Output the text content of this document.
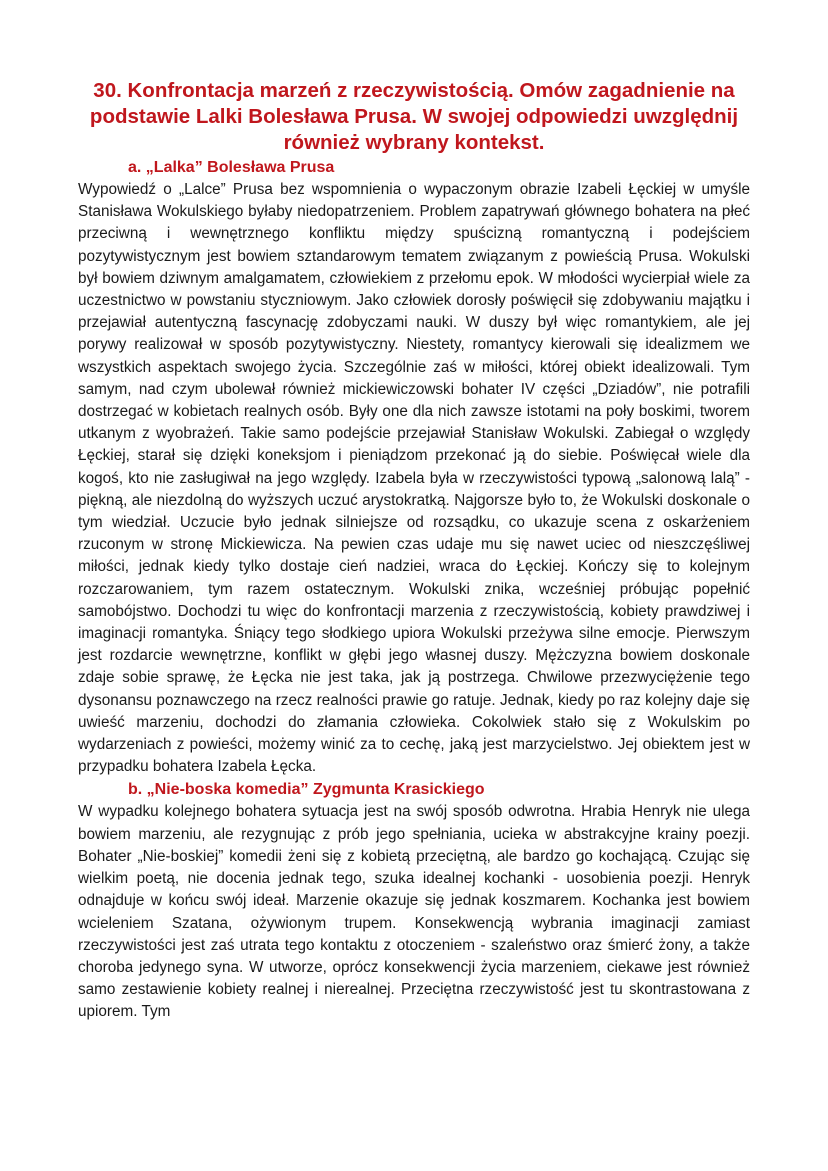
30. Konfrontacja marzeń z rzeczywistością. Omów zagadnienie na podstawie Lalki Bolesława Prusa. W swojej odpowiedzi uwzględnij również wybrany kontekst.
a. „Lalka” Bolesława Prusa

Wypowiedź o „Lalce” Prusa bez wspomnienia o wypaczonym obrazie Izabeli Łęckiej w umyśle Stanisława Wokulskiego byłaby niedopatrzeniem. Problem zapatrywań głównego bohatera na płeć przeciwną i wewnętrznego konfliktu między spuścizną romantyczną i podejściem pozytywistycznym jest bowiem sztandarowym tematem związanym z powieścią Prusa. Wokulski był bowiem dziwnym amalgamatem, człowiekiem z przełomu epok. W młodości wycierpiał wiele za uczestnictwo w powstaniu styczniowym. Jako człowiek dorosły poświęcił się zdobywaniu majątku i przejawiał autentyczną fascynację zdobyczami nauki. W duszy był więc romantykiem, ale jej porywy realizował w sposób pozytywistyczny. Niestety, romantycy kierowali się idealizmem we wszystkich aspektach swojego życia. Szczególnie zaś w miłości, której obiekt idealizowali. Tym samym, nad czym ubolewał również mickiewiczowski bohater IV części „Dziadów”, nie potrafili dostrzegać w kobietach realnych osób. Były one dla nich zawsze istotami na poły boskimi, tworem utkanym z wyobrażeń. Takie samo podejście przejawiał Stanisław Wokulski. Zabiegał o względy Łęckiej, starał się dzięki koneksjom i pieniądzom przekonać ją do siebie. Poświęcał wiele dla kogoś, kto nie zasługiwał na jego względy. Izabela była w rzeczywistości typową „salonową lalą” - piękną, ale niezdolną do wyższych uczuć arystokratką. Najgorsze było to, że Wokulski doskonale o tym wiedział. Uczucie było jednak silniejsze od rozsądku, co ukazuje scena z oskarżeniem rzuconym w stronę Mickiewicza. Na pewien czas udaje mu się nawet uciec od nieszczęśliwej miłości, jednak kiedy tylko dostaje cień nadziei, wraca do Łęckiej. Kończy się to kolejnym rozczarowaniem, tym razem ostatecznym. Wokulski znika, wcześniej próbując popełnić samobójstwo. Dochodzi tu więc do konfrontacji marzenia z rzeczywistością, kobiety prawdziwej i imaginacji romantyka. Śniący tego słodkiego upiora Wokulski przeżywa silne emocje. Pierwszym jest rozdarcie wewnętrzne, konflikt w głębi jego własnej duszy. Mężczyzna bowiem doskonale zdaje sobie sprawę, że Łęcka nie jest taka, jak ją postrzega. Chwilowe przezwyciężenie tego dysonansu poznawczego na rzecz realności prawie go ratuje. Jednak, kiedy po raz kolejny daje się uwieść marzeniu, dochodzi do złamania człowieka. Cokolwiek stało się z Wokulskim po wydarzeniach z powieści, możemy winić za to cechę, jaką jest marzycielstwo. Jej obiektem jest w przypadku bohatera Izabela Łęcka.

b. „Nie-boska komedia” Zygmunta Krasickiego

W wypadku kolejnego bohatera sytuacja jest na swój sposób odwrotna. Hrabia Henryk nie ulega bowiem marzeniu, ale rezygnując z prób jego spełniania, ucieka w abstrakcyjne krainy poezji. Bohater „Nie-boskiej” komedii żeni się z kobietą przeciętną, ale bardzo go kochającą. Czując się wielkim poetą, nie docenia jednak tego, szuka idealnej kochanki - uosobienia poezji. Henryk odnajduje w końcu swój ideał. Marzenie okazuje się jednak koszmarem. Kochanka jest bowiem wcieleniem Szatana, ożywionym trupem. Konsekwencją wybrania imaginacji zamiast rzeczywistości jest zaś utrata tego kontaktu z otoczeniem - szaleństwo oraz śmierć żony, a także choroba jedynego syna. W utworze, oprócz konsekwencji życia marzeniem, ciekawe jest również samo zestawienie kobiety realnej i nierealnej. Przeciętna rzeczywistość jest tu skontrastowana z upiorem. Tym
